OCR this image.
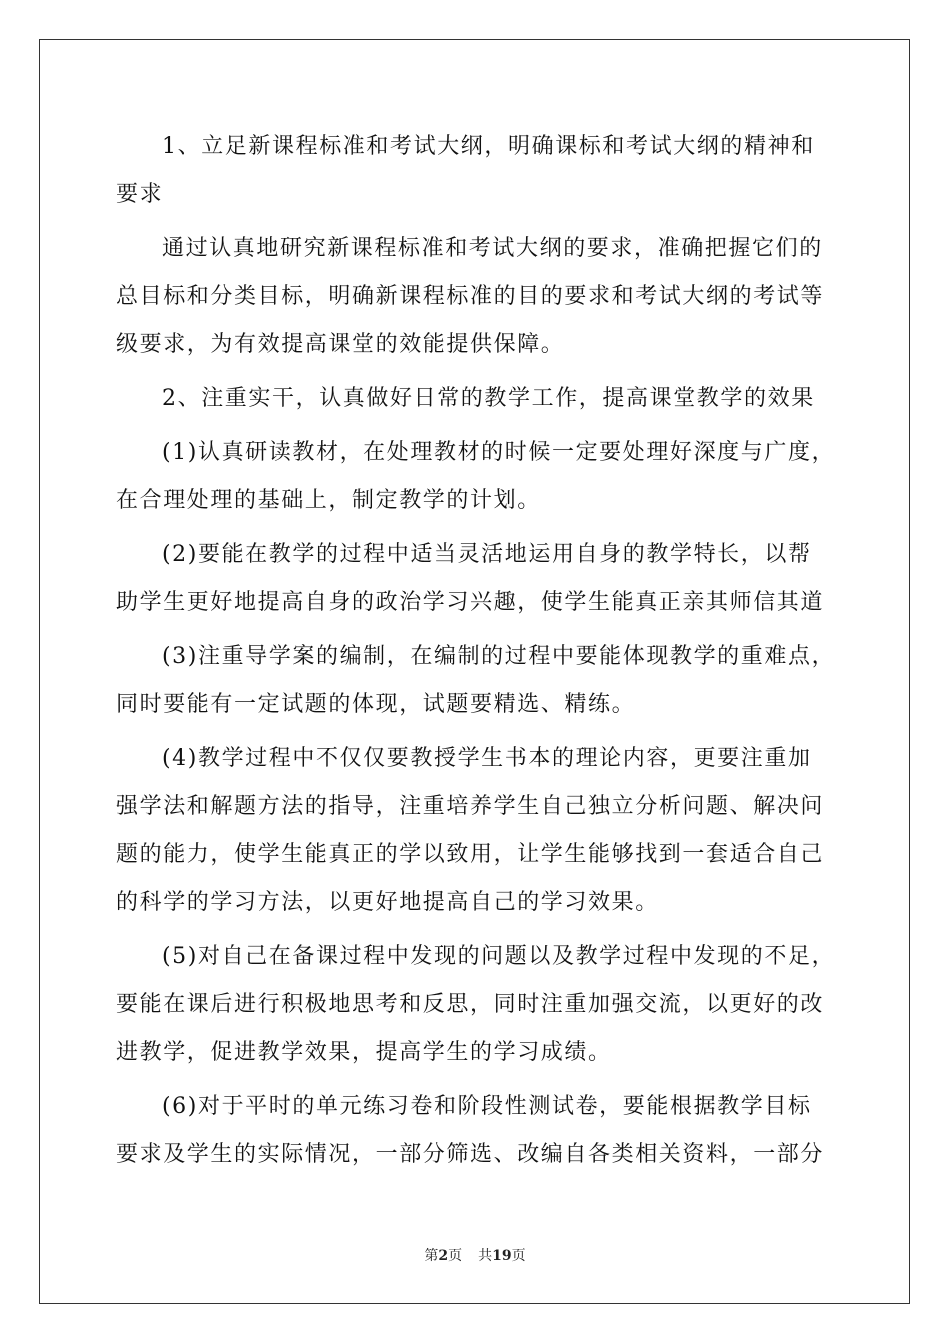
1、立足新课程标准和考试大纲，明确课标和考试大纲的精神和
要求
通过认真地研究新课程标准和考试大纲的要求，准确把握它们的
总目标和分类目标，明确新课程标准的目的要求和考试大纲的考试等
级要求，为有效提高课堂的效能提供保障。
2、注重实干，认真做好日常的教学工作，提高课堂教学的效果
(1)认真研读教材，在处理教材的时候一定要处理好深度与广度，
在合理处理的基础上，制定教学的计划。
(2)要能在教学的过程中适当灵活地运用自身的教学特长，以帮
助学生更好地提高自身的政治学习兴趣，使学生能真正亲其师信其道
(3)注重导学案的编制，在编制的过程中要能体现教学的重难点，
同时要能有一定试题的体现，试题要精选、精练。
(4)教学过程中不仅仅要教授学生书本的理论内容，更要注重加
强学法和解题方法的指导，注重培养学生自己独立分析问题、解决问
题的能力，使学生能真正的学以致用，让学生能够找到一套适合自己
的科学的学习方法，以更好地提高自己的学习效果。
(5)对自己在备课过程中发现的问题以及教学过程中发现的不足，
要能在课后进行积极地思考和反思，同时注重加强交流，以更好的改
进教学，促进教学效果，提高学生的学习成绩。
(6)对于平时的单元练习卷和阶段性测试卷，要能根据教学目标
要求及学生的实际情况，一部分筛选、改编自各类相关资料，一部分
第2页 共19页
